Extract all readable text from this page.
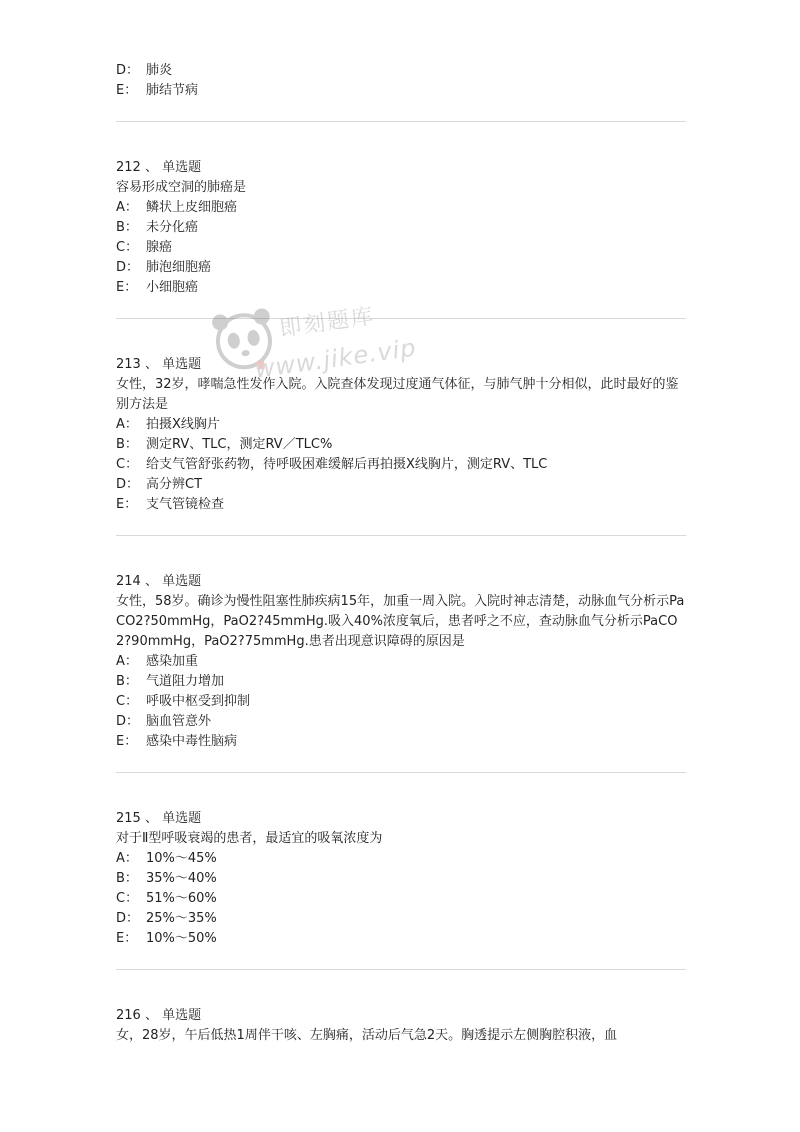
D： 肺炎
E： 肺结节病
212 、 单选题
容易形成空洞的肺癌是
A： 鳞状上皮细胞癌
B： 未分化癌
C： 腺癌
D： 肺泡细胞癌
E： 小细胞癌
213 、 单选题
女性，32岁，哮喘急性发作入院。入院查体发现过度通气体征，与肺气肿十分相似，此时最好的鉴别方法是
A： 拍摄X线胸片
B： 测定RV、TLC，测定RV／TLC%
C： 给支气管舒张药物，待呼吸困难缓解后再拍摄X线胸片，测定RV、TLC
D： 高分辨CT
E： 支气管镜检查
214 、 单选题
女性，58岁。确诊为慢性阻塞性肺疾病15年，加重一周入院。入院时神志清楚，动脉血气分析示PaCO2?50mmHg，PaO2?45mmHg.吸入40%浓度氧后，患者呼之不应，查动脉血气分析示PaCO2?90mmHg，PaO2?75mmHg.患者出现意识障碍的原因是
A： 感染加重
B： 气道阻力增加
C： 呼吸中枢受到抑制
D： 脑血管意外
E： 感染中毒性脑病
215 、 单选题
对于Ⅱ型呼吸衰竭的患者，最适宜的吸氧浓度为
A： 10%～45%
B： 35%～40%
C： 51%～60%
D： 25%～35%
E： 10%～50%
216 、 单选题
女，28岁，午后低热1周伴干咳、左胸痛，活动后气急2天。胸透提示左侧胸腔积液，血
即刻题库
www.jike.vip
